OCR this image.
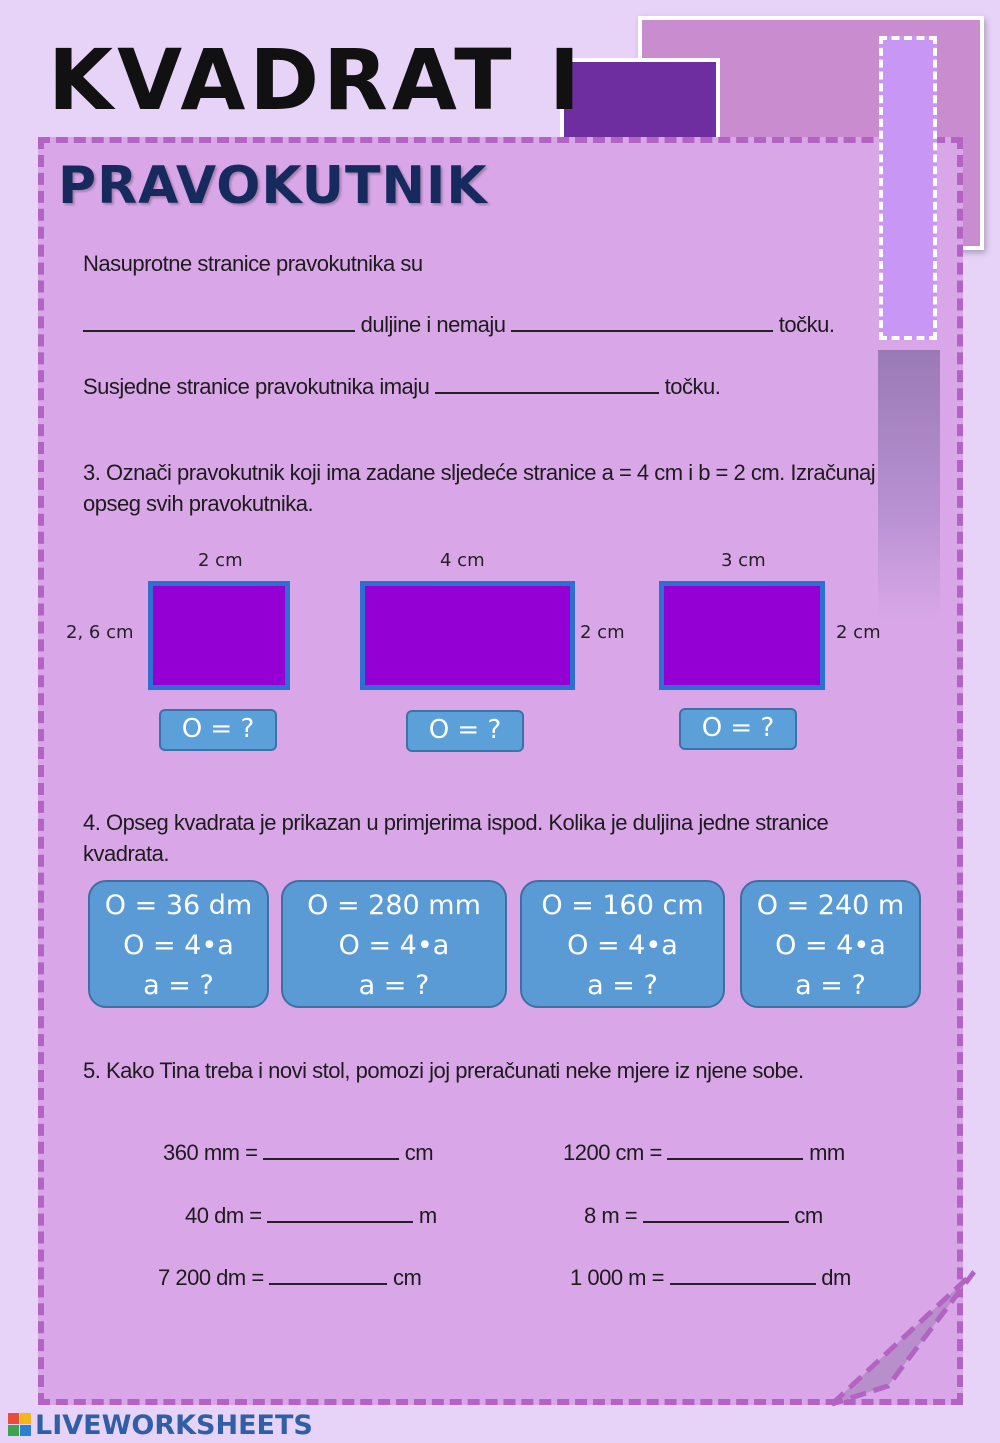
KVADRAT I
PRAVOKUTNIK
Nasuprotne stranice pravokutnika su
duljine i nemaju	točku.
Susjedne stranice pravokutnika imaju	točku.
3. Označi pravokutnik koji ima zadane sljedeće stranice a = 4 cm i b = 2 cm. Izračunaj
opseg svih pravokutnika.
2 cm
2, 6 cm
O = ?
4 cm
2 cm
O = ?
3 cm
2 cm
O = ?
4. Opseg kvadrata je prikazan u primjerima ispod. Kolika je duljina jedne stranice
kvadrata.
O = 36 dm
O = 4•a
a = ?
O = 280 mm
O = 4•a
a = ?
O = 160 cm
O = 4•a
a = ?
O = 240 m
O = 4•a
a = ?
5. Kako Tina treba i novi stol, pomozi joj preračunati neke mjere iz njene sobe.
360 mm =	cm	1200 cm =	mm
40 dm =	m	8 m =	cm
7 200 dm =	cm	1 000 m =	dm
LIVEWORKSHEETS
